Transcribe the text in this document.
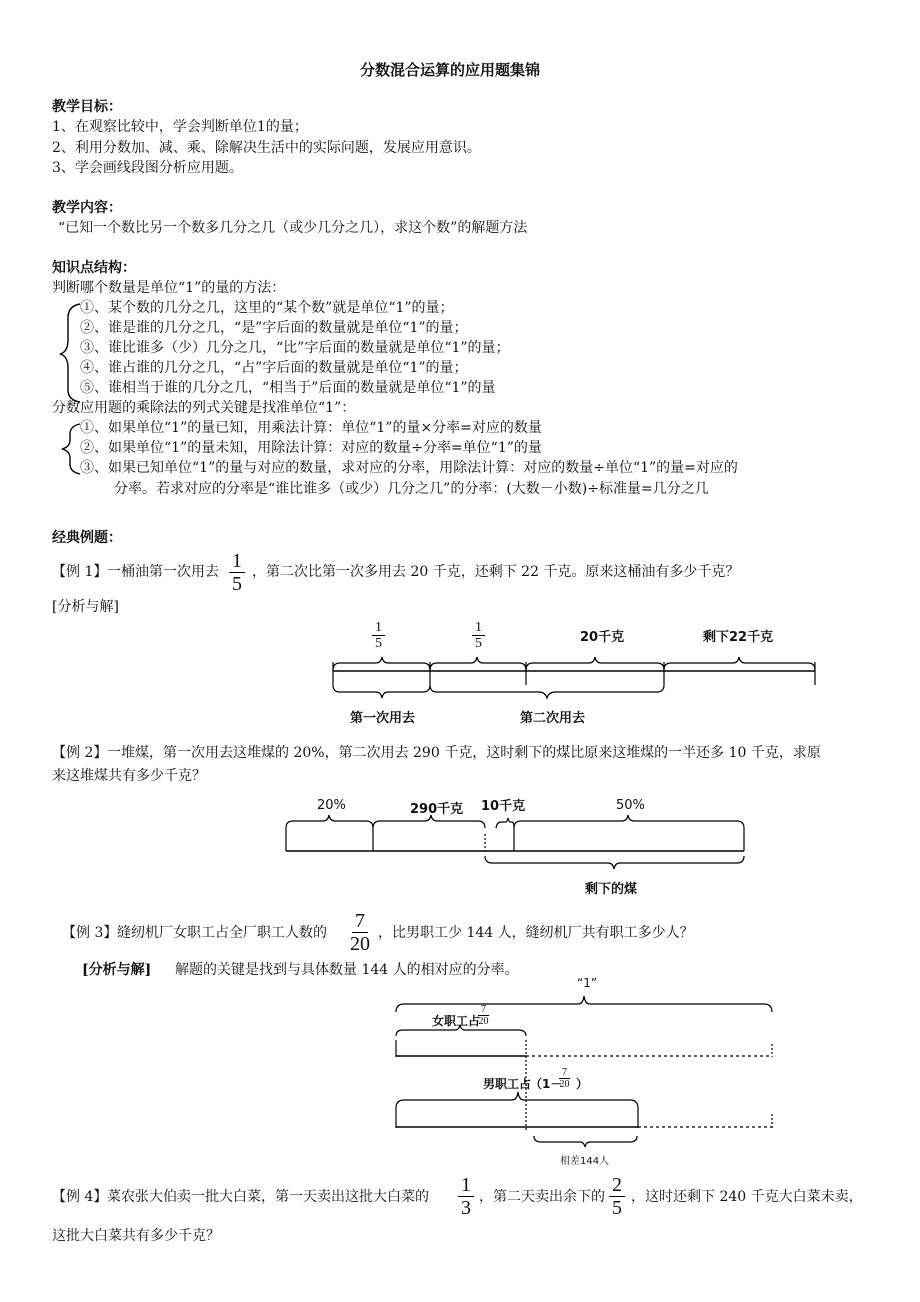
分数混合运算的应用题集锦
教学目标：
1、在观察比较中，学会判断单位1的量；
2、利用分数加、减、乘、除解决生活中的实际问题，发展应用意识。
3、学会画线段图分析应用题。
教学内容：
“已知一个数比另一个数多几分之几（或少几分之几），求这个数”的解题方法
知识点结构：
判断哪个数量是单位“1”的量的方法：
①、某个数的几分之几，这里的“某个数”就是单位“1”的量；
②、谁是谁的几分之几，“是”字后面的数量就是单位“1”的量；
③、谁比谁多（少）几分之几，“比”字后面的数量就是单位“1”的量；
④、谁占谁的几分之几，“占”字后面的数量就是单位“1”的量；
⑤、谁相当于谁的几分之几，“相当于”后面的数量就是单位“1”的量
分数应用题的乘除法的列式关键是找准单位“1”：
①、如果单位“1”的量已知，用乘法计算：单位“1”的量×分率=对应的数量
②、如果单位“1”的量未知，用除法计算：对应的数量÷分率=单位“1”的量
③、如果已知单位“1”的量与对应的数量，求对应的分率，用除法计算：对应的数量÷单位“1”的量=对应的
分率。若求对应的分率是“谁比谁多（或少）几分之几”的分率：(大数－小数)÷标准量=几分之几
经典例题：
【例 1】 一桶油第一次用去 $\frac{1}{5}$ ，第二次比第一次多用去 20 千克，还剩下 22 千克。原来这桶油有多少千克？
[分析与解]
$\frac{1}{5}$	$\frac{1}{5}$	20千克	剩下22千克
第一次用去	第二次用去
【例 2】 一堆煤，第一次用去这堆煤的 20%，第二次用去 290 千克，这时剩下的煤比原来这堆煤的一半还多 10 千克，求原
来这堆煤共有多少千克？
20%	290千克 10千克	50%
剩下的煤
【例 3】 缝纫机厂女职工占全厂职工人数的 $\frac{7}{20}$ ，比男职工少 144 人，缝纫机厂共有职工多少人？
[分析与解] 解题的关键是找到与具体数量 144 人的相对应的分率。
“1”
女职工占
$\frac{7}{20}$
男职工占
（1－
$\frac{7}{20}$ ）
相差144人
【例 4】 菜农张大伯卖一批大白菜，第一天卖出这批大白菜的 $\frac{1}{3}$ ，第二天卖出余下的 $\frac{2}{5}$ ，这时还剩下 240 千克大白菜未卖，
这批大白菜共有多少千克？
